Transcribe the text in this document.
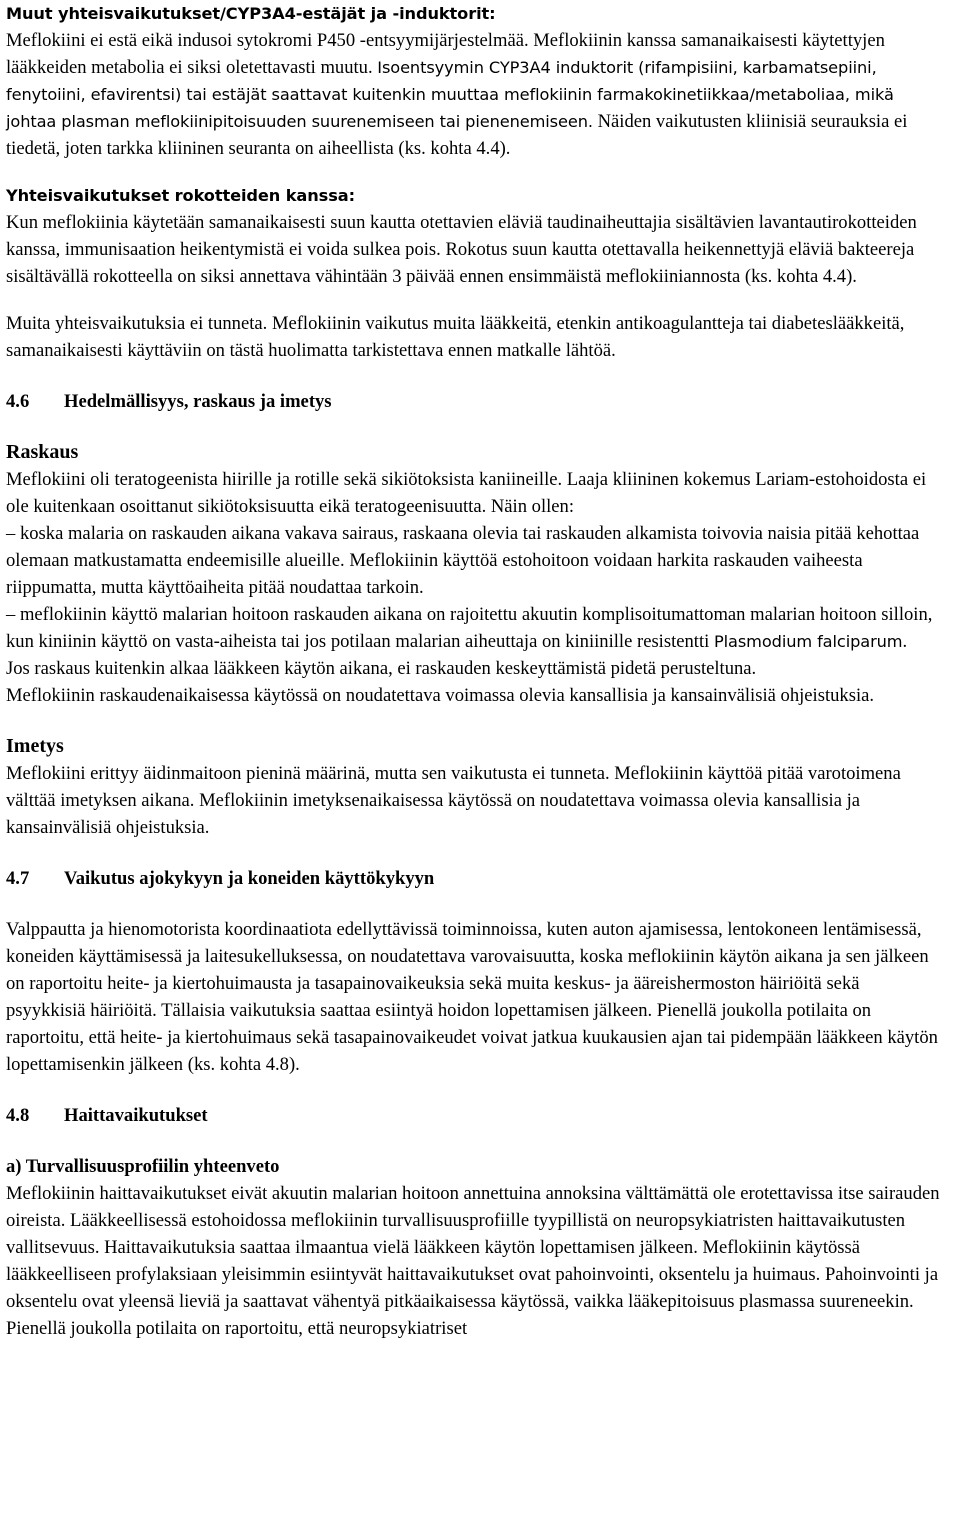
Muut yhteisvaikutukset/CYP3A4-estäjät ja -induktorit:

Meflokiini ei estä eikä indusoi sytokromi P450 -entsyymijärjestelmää. Meflokiinin kanssa samanaikaisesti käytettyjen lääkkeiden metabolia ei siksi oletettavasti muutu. Isoentsyymin CYP3A4 induktorit (rifampisiini, karbamatsepiini, fenytoiini, efavirentsi) tai estäjät saattavat kuitenkin muuttaa meflokiinin farmakokinetiikkaa/metaboliaa, mikä johtaa plasman meflokiinipitoisuuden suurenemiseen tai pienenemiseen. Näiden vaikutusten kliinisiä seurauksia ei tiedetä, joten tarkka kliininen seuranta on aiheellista (ks. kohta 4.4).

Yhteisvaikutukset rokotteiden kanssa:

Kun meflokiinia käytetään samanaikaisesti suun kautta otettavien eläviä taudinaiheuttajia sisältävien lavantautirokotteiden kanssa, immunisaation heikentymistä ei voida sulkea pois. Rokotus suun kautta otettavalla heikennettyjä eläviä bakteereja sisältävällä rokotteella on siksi annettava vähintään 3 päivää ennen ensimmäistä meflokiiniannosta (ks. kohta 4.4).

Muita yhteisvaikutuksia ei tunneta. Meflokiinin vaikutus muita lääkkeitä, etenkin antikoagulantteja tai diabeteslääkkeitä, samanaikaisesti käyttäviin on tästä huolimatta tarkistettava ennen matkalle lähtöä.

4.6 Hedelmällisyys, raskaus ja imetys

Raskaus

Meflokiini oli teratogeenista hiirille ja rotille sekä sikiötoksista kaniineille. Laaja kliininen kokemus Lariam-estohoidosta ei ole kuitenkaan osoittanut sikiötoksisuutta eikä teratogeenisuutta. Näin ollen:

– koska malaria on raskauden aikana vakava sairaus, raskaana olevia tai raskauden alkamista toivovia naisia pitää kehottaa olemaan matkustamatta endeemisille alueille. Meflokiinin käyttöä estohoitoon voidaan harkita raskauden vaiheesta riippumatta, mutta käyttöaiheita pitää noudattaa tarkoin.

– meflokiinin käyttö malarian hoitoon raskauden aikana on rajoitettu akuutin komplisoitumattoman malarian hoitoon silloin, kun kiniinin käyttö on vasta-aiheista tai jos potilaan malarian aiheuttaja on kiniinille resistentti Plasmodium falciparum.

Jos raskaus kuitenkin alkaa lääkkeen käytön aikana, ei raskauden keskeyttämistä pidetä perusteltuna.

Meflokiinin raskaudenaikaisessa käytössä on noudatettava voimassa olevia kansallisia ja kansainvälisiä ohjeistuksia.

Imetys

Meflokiini erittyy äidinmaitoon pieninä määrinä, mutta sen vaikutusta ei tunneta. Meflokiinin käyttöä pitää varotoimena välttää imetyksen aikana. Meflokiinin imetyksenaikaisessa käytössä on noudatettava voimassa olevia kansallisia ja kansainvälisiä ohjeistuksia.

4.7 Vaikutus ajokykyyn ja koneiden käyttökykyyn

Valppautta ja hienomotorista koordinaatiota edellyttävissä toiminnoissa, kuten auton ajamisessa, lentokoneen lentämisessä, koneiden käyttämisessä ja laitesukelluksessa, on noudatettava varovaisuutta, koska meflokiinin käytön aikana ja sen jälkeen on raportoitu heite- ja kiertohuimausta ja tasapainovaikeuksia sekä muita keskus- ja ääreishermoston häiriöitä sekä psyykkisiä häiriöitä. Tällaisia vaikutuksia saattaa esiintyä hoidon lopettamisen jälkeen. Pienellä joukolla potilaita on raportoitu, että heite- ja kiertohuimaus sekä tasapainovaikeudet voivat jatkua kuukausien ajan tai pidempään lääkkeen käytön lopettamisenkin jälkeen (ks. kohta 4.8).

4.8 Haittavaikutukset

a) Turvallisuusprofiilin yhteenveto

Meflokiinin haittavaikutukset eivät akuutin malarian hoitoon annettuina annoksina välttämättä ole erotettavissa itse sairauden oireista. Lääkkeellisessä estohoidossa meflokiinin turvallisuusprofiille tyypillistä on neuropsykiatristen haittavaikutusten vallitsevuus. Haittavaikutuksia saattaa ilmaantua vielä lääkkeen käytön lopettamisen jälkeen. Meflokiinin käytössä lääkkeelliseen profylaksiaan yleisimmin esiintyvät haittavaikutukset ovat pahoinvointi, oksentelu ja huimaus. Pahoinvointi ja oksentelu ovat yleensä lieviä ja saattavat vähentyä pitkäaikaisessa käytössä, vaikka lääkepitoisuus plasmassa suureneekin. Pienellä joukolla potilaita on raportoitu, että neuropsykiatriset
